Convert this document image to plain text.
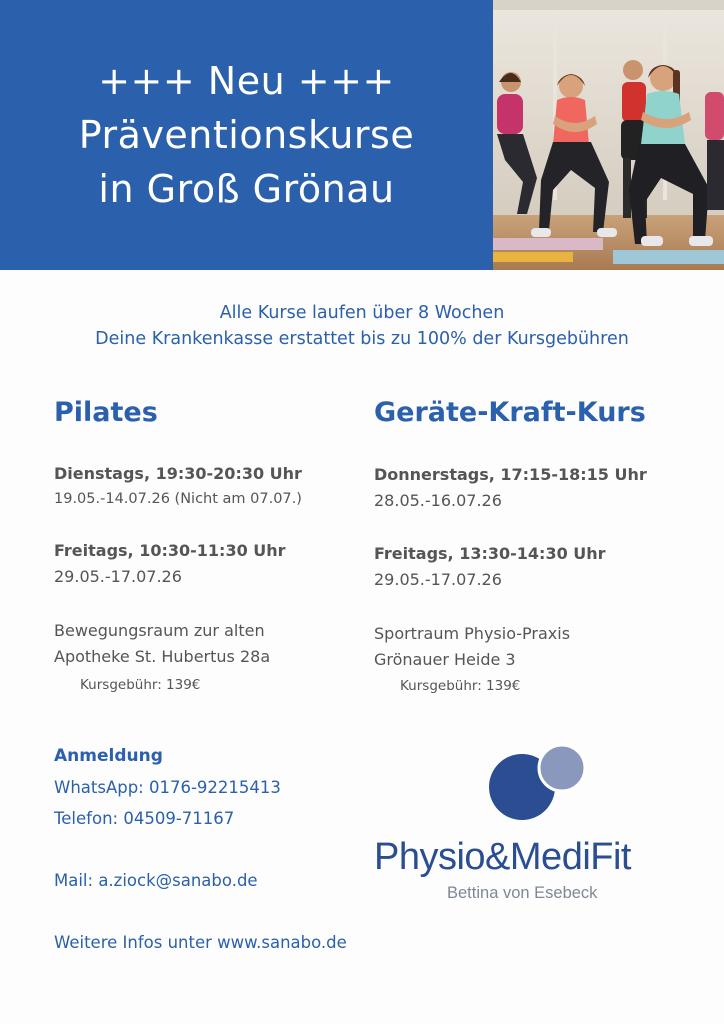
+++ Neu +++
Präventionskurse
in Groß Grönau
Alle Kurse laufen über 8 Wochen
Deine Krankenkasse erstattet bis zu 100% der Kursgebühren
Pilates
Dienstags, 19:30-20:30 Uhr
19.05.-14.07.26 (Nicht am 07.07.)
Freitags, 10:30-11:30 Uhr
29.05.-17.07.26
Bewegungsraum zur alten
Apotheke St. Hubertus 28a
Kursgebühr: 139€
Geräte-Kraft-Kurs
Donnerstags, 17:15-18:15 Uhr
28.05.-16.07.26
Freitags, 13:30-14:30 Uhr
29.05.-17.07.26
Sportraum Physio-Praxis
Grönauer Heide 3
Kursgebühr: 139€
Anmeldung
WhatsApp: 0176-92215413
Telefon: 04509-71167
Mail: a.ziock@sanabo.de
Weitere Infos unter www.sanabo.de
Physio&MediFit
Bettina von Esebeck
